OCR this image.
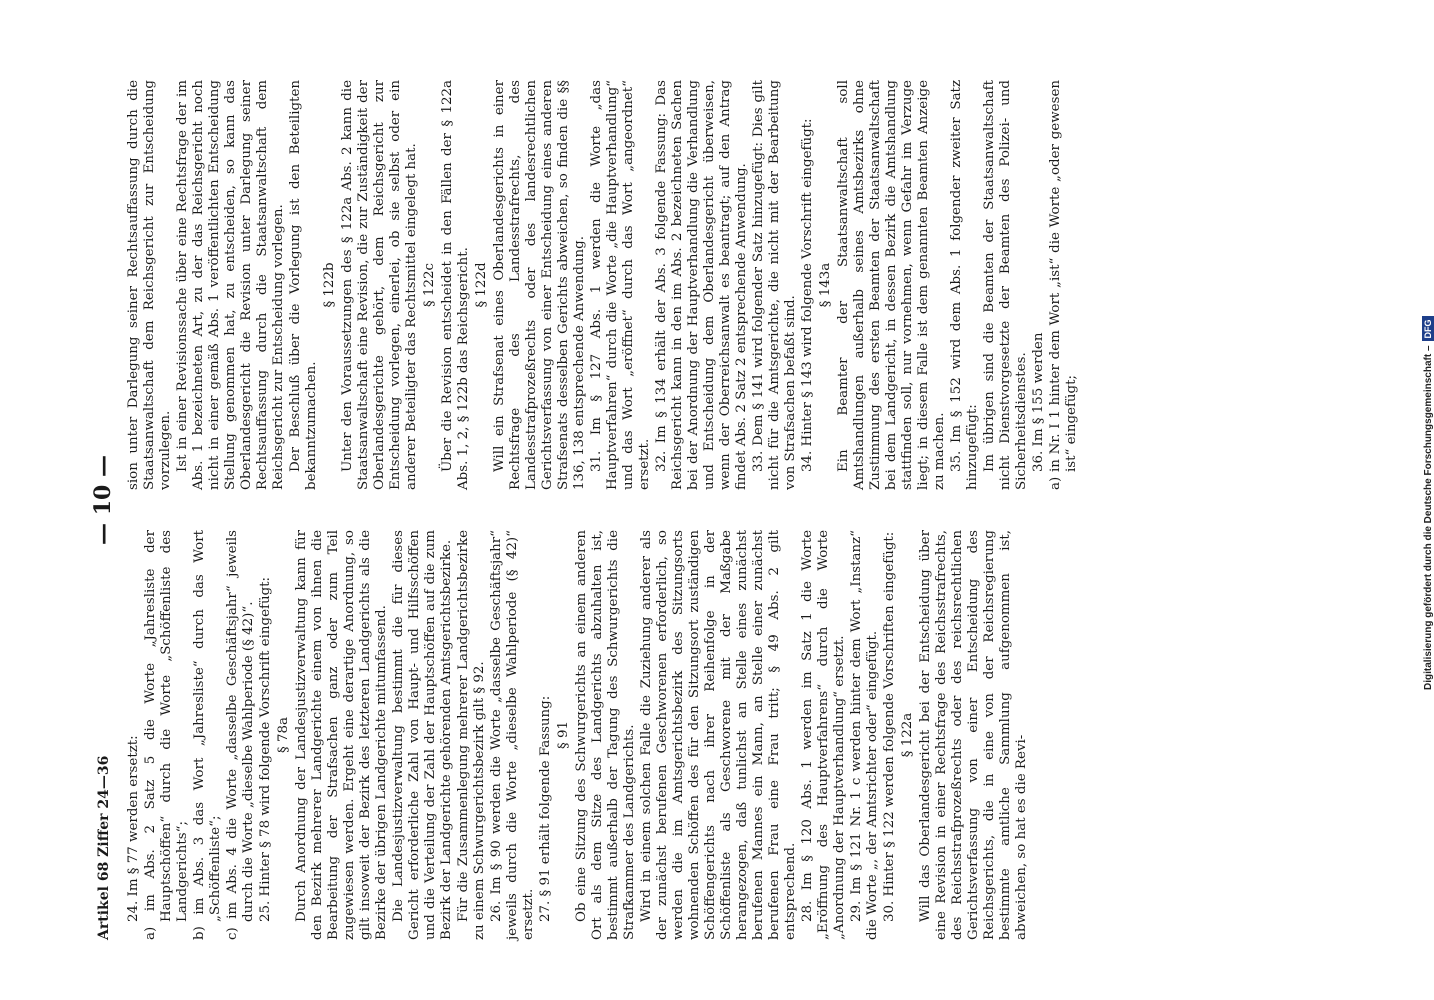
Artikel 68 Ziffer 24—36
— 10 —
24. Im § 77 werden ersetzt: a) im Abs. 2 Satz 5 die Worte „Jahresliste der Hauptschöffen“ durch die Worte „Schöffenliste des Landgerichts“; b) im Abs. 3 das Wort „Jahresliste“ durch das Wort „Schöffenliste“; c) im Abs. 4 die Worte „dasselbe Geschäftsjahr“ jeweils durch die Worte „dieselbe Wahlperiode (§ 42)“. 25. Hinter § 78 wird folgende Vorschrift eingefügt: § 78a Durch Anordnung der Landesjustizverwaltung kann für den Bezirk mehrerer Landgerichte einem von ihnen die Bearbeitung der Strafsachen ganz oder zum Teil zugewiesen werden. Ergeht eine derartige Anordnung, so gilt insoweit der Bezirk des letzteren Landgerichts als die Bezirke der übrigen Landgerichte mitumfassend. Die Landesjustizverwaltung bestimmt die für dieses Gericht erforderliche Zahl von Haupt- und Hilfsschöffen und die Verteilung der Zahl der Hauptschöffen auf die zum Bezirk der Landgerichte gehörenden Amtsgerichtsbezirke. Für die Zusammenlegung mehrerer Landgerichtsbezirke zu einem Schwurgerichtsbezirk gilt § 92. 26. Im § 90 werden die Worte „dasselbe Geschäftsjahr“ jeweils durch die Worte „dieselbe Wahlperiode (§ 42)“ ersetzt. 27. § 91 erhält folgende Fassung: § 91 Ob eine Sitzung des Schwurgerichts an einem anderen Ort als dem Sitze des Landgerichts abzuhalten ist, bestimmt außerhalb der Tagung des Schwurgerichts die Strafkammer des Landgerichts. Wird in einem solchen Falle die Zuziehung anderer als der zunächst berufenen Geschworenen erforderlich, so werden die im Amtsgerichtsbezirk des Sitzungsorts wohnenden Schöffen des für den Sitzungsort zuständigen Schöffengerichts nach ihrer Reihenfolge in der Schöffenliste als Geschworene mit der Maßgabe herangezogen, daß tunlichst an Stelle eines zunächst berufenen Mannes ein Mann, an Stelle einer zunächst berufenen Frau eine Frau tritt; § 49 Abs. 2 gilt entsprechend. 28. Im § 120 Abs. 1 werden im Satz 1 die Worte „Eröffnung des Hauptverfahrens“ durch die Worte „Anordnung der Hauptverhandlung“ ersetzt. 29. Im § 121 Nr. 1 c werden hinter dem Wort „Instanz“ die Worte „, der Amtsrichter oder“ eingefügt. 30. Hinter § 122 werden folgende Vorschriften eingefügt: § 122a Will das Oberlandesgericht bei der Entscheidung über eine Revision in einer Rechtsfrage des Reichsstrafrechts, des Reichsstrafprozeßrechts oder des reichsrechtlichen Gerichtsverfassung von einer Entscheidung des Reichsgerichts, die in eine von der Reichsregierung bestimmte amtliche Sammlung aufgenommen ist, abweichen, so hat es die Revi-
sion unter Darlegung seiner Rechtsauffassung durch die Staatsanwaltschaft dem Reichsgericht zur Entscheidung vorzulegen. Ist in einer Revisionssache über eine Rechtsfrage der im Abs. 1 bezeichneten Art, zu der das Reichsgericht noch nicht in einer gemäß Abs. 1 veröffentlichten Entscheidung Stellung genommen hat, zu entscheiden, so kann das Oberlandesgericht die Revision unter Darlegung seiner Rechtsauffassung durch die Staatsanwaltschaft dem Reichsgericht zur Entscheidung vorlegen. Der Beschluß über die Vorlegung ist den Beteiligten bekanntzumachen.
§ 122b Unter den Voraussetzungen des § 122a Abs. 2 kann die Staatsanwaltschaft eine Revision, die zur Zuständigkeit der Oberlandesgerichte gehört, dem Reichsgericht zur Entscheidung vorlegen, einerlei, ob sie selbst oder ein anderer Beteiligter das Rechtsmittel eingelegt hat. § 122c Über die Revision entscheidet in den Fällen der § 122a Abs. 1, 2, § 122b das Reichsgericht. § 122d Will ein Strafsenat eines Oberlandesgerichts in einer Rechtsfrage des Landesstrafrechts, des Landesstrafprozeßrechts oder des landesrechtlichen Gerichtsverfassung von einer Entscheidung eines anderen Strafsenats desselben Gerichts abweichen, so finden die §§ 136, 138 entsprechende Anwendung. 31. Im § 127 Abs. 1 werden die Worte „das Hauptverfahren“ durch die Worte „die Hauptverhandlung“ und das Wort „eröffnet“ durch das Wort „angeordnet“ ersetzt. 32. Im § 134 erhält der Abs. 3 folgende Fassung: Das Reichsgericht kann in den im Abs. 2 bezeichneten Sachen bei der Anordnung der Hauptverhandlung die Verhandlung und Entscheidung dem Oberlandesgericht überweisen, wenn der Oberreichsanwalt es beantragt; auf den Antrag findet Abs. 2 Satz 2 entsprechende Anwendung. 33. Dem § 141 wird folgender Satz hinzugefügt: Dies gilt nicht für die Amtsgerichte, die nicht mit der Bearbeitung von Strafsachen befaßt sind. 34. Hinter § 143 wird folgende Vorschrift eingefügt: § 143a Ein Beamter der Staatsanwaltschaft soll Amtshandlungen außerhalb seines Amtsbezirks ohne Zustimmung des ersten Beamten der Staatsanwaltschaft bei dem Landgericht, in dessen Bezirk die Amtshandlung stattfinden soll, nur vornehmen, wenn Gefahr im Verzuge liegt; in diesem Falle ist dem genannten Beamten Anzeige zu machen. 35. Im § 152 wird dem Abs. 1 folgender zweiter Satz hinzugefügt: Im übrigen sind die Beamten der Staatsanwaltschaft nicht Dienstvorgesetzte der Beamten des Polizei- und Sicherheitsdienstes. 36. Im § 155 werden a) in Nr. I 1 hinter dem Wort „ist“ die Worte „oder gewesen ist“ eingefügt;	Digitalisierung gefördert durch die Deutsche Forschungsgemeinschaft –
DFG
